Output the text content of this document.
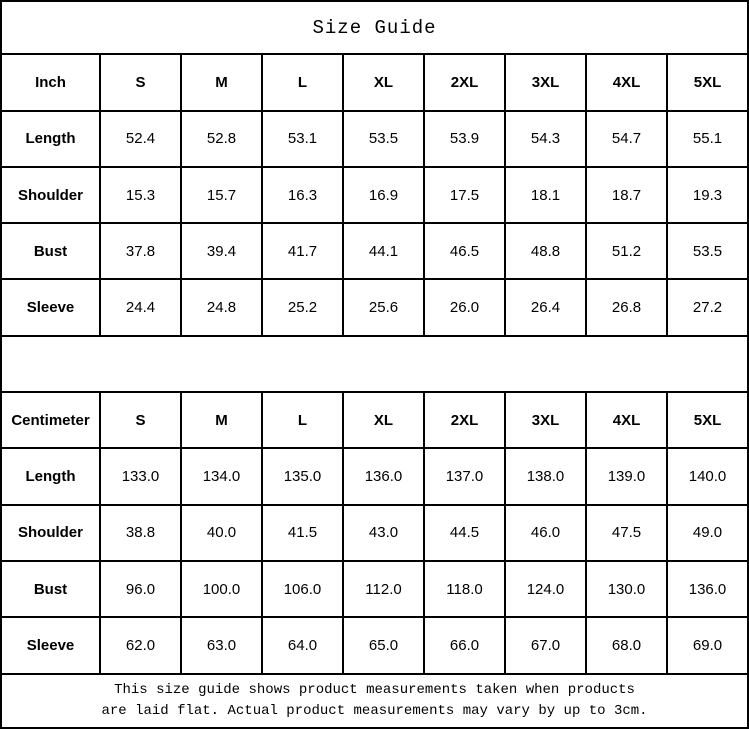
Size Guide								
Inch	S	M	L	XL	2XL	3XL	4XL	5XL
Length	52.4	52.8	53.1	53.5	53.9	54.3	54.7	55.1
Shoulder	15.3	15.7	16.3	16.9	17.5	18.1	18.7	19.3
Bust	37.8	39.4	41.7	44.1	46.5	48.8	51.2	53.5
Sleeve	24.4	24.8	25.2	25.6	26.0	26.4	26.8	27.2

Centimeter	S	M	L	XL	2XL	3XL	4XL	5XL
Length	133.0	134.0	135.0	136.0	137.0	138.0	139.0	140.0
Shoulder	38.8	40.0	41.5	43.0	44.5	46.0	47.5	49.0
Bust	96.0	100.0	106.0	112.0	118.0	124.0	130.0	136.0
Sleeve	62.0	63.0	64.0	65.0	66.0	67.0	68.0	69.0

This size guide shows product measurements taken when products
are laid flat. Actual product measurements may vary by up to 3cm.								
